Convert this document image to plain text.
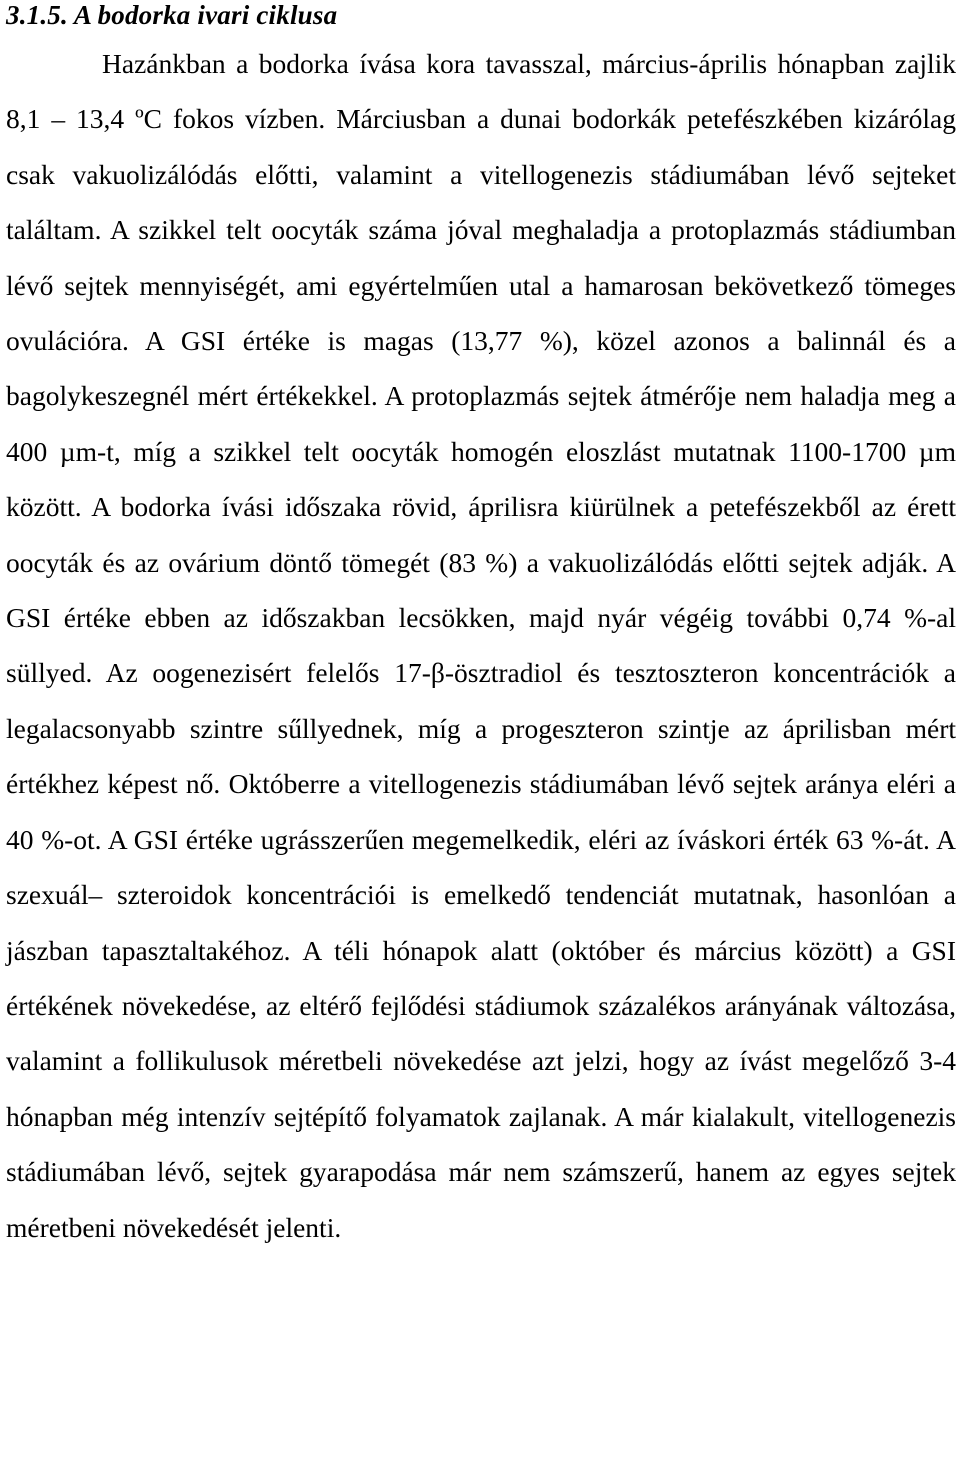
3.1.5. A bodorka ivari ciklusa

Hazánkban a bodorka ívása kora tavasszal, március-április hónapban zajlik 8,1 – 13,4 ºC fokos vízben. Márciusban a dunai bodorkák petefészkében kizárólag csak vakuolizálódás előtti, valamint a vitellogenezis stádiumában lévő sejteket találtam. A szikkel telt oocyták száma jóval meghaladja a protoplazmás stádiumban lévő sejtek mennyiségét, ami egyértelműen utal a hamarosan bekövetkező tömeges ovulációra. A GSI értéke is magas (13,77 %), közel azonos a balinnál és a bagolykeszegnél mért értékekkel. A protoplazmás sejtek átmérője nem haladja meg a 400 µm-t, míg a szikkel telt oocyták homogén eloszlást mutatnak 1100-1700 µm között. A bodorka ívási időszaka rövid, áprilisra kiürülnek a petefészekből az érett oocyták és az ovárium döntő tömegét (83 %) a vakuolizálódás előtti sejtek adják. A GSI értéke ebben az időszakban lecsökken, majd nyár végéig további 0,74 %-al süllyed. Az oogenezisért felelős 17-β-ösztradiol és tesztoszteron koncentrációk a legalacsonyabb szintre sűllyednek, míg a progeszteron szintje az áprilisban mért értékhez képest nő. Októberre a vitellogenezis stádiumában lévő sejtek aránya eléri a 40 %-ot. A GSI értéke ugrásszerűen megemelkedik, eléri az íváskori érték 63 %-át. A szexuál– szteroidok koncentrációi is emelkedő tendenciát mutatnak, hasonlóan a jászban tapasztaltakéhoz. A téli hónapok alatt (október és március között) a GSI értékének növekedése, az eltérő fejlődési stádiumok százalékos arányának változása, valamint a follikulusok méretbeli növekedése azt jelzi, hogy az ívást megelőző 3-4 hónapban még intenzív sejtépítő folyamatok zajlanak. A már kialakult, vitellogenezis stádiumában lévő, sejtek gyarapodása már nem számszerű, hanem az egyes sejtek méretbeni növekedését jelenti.
